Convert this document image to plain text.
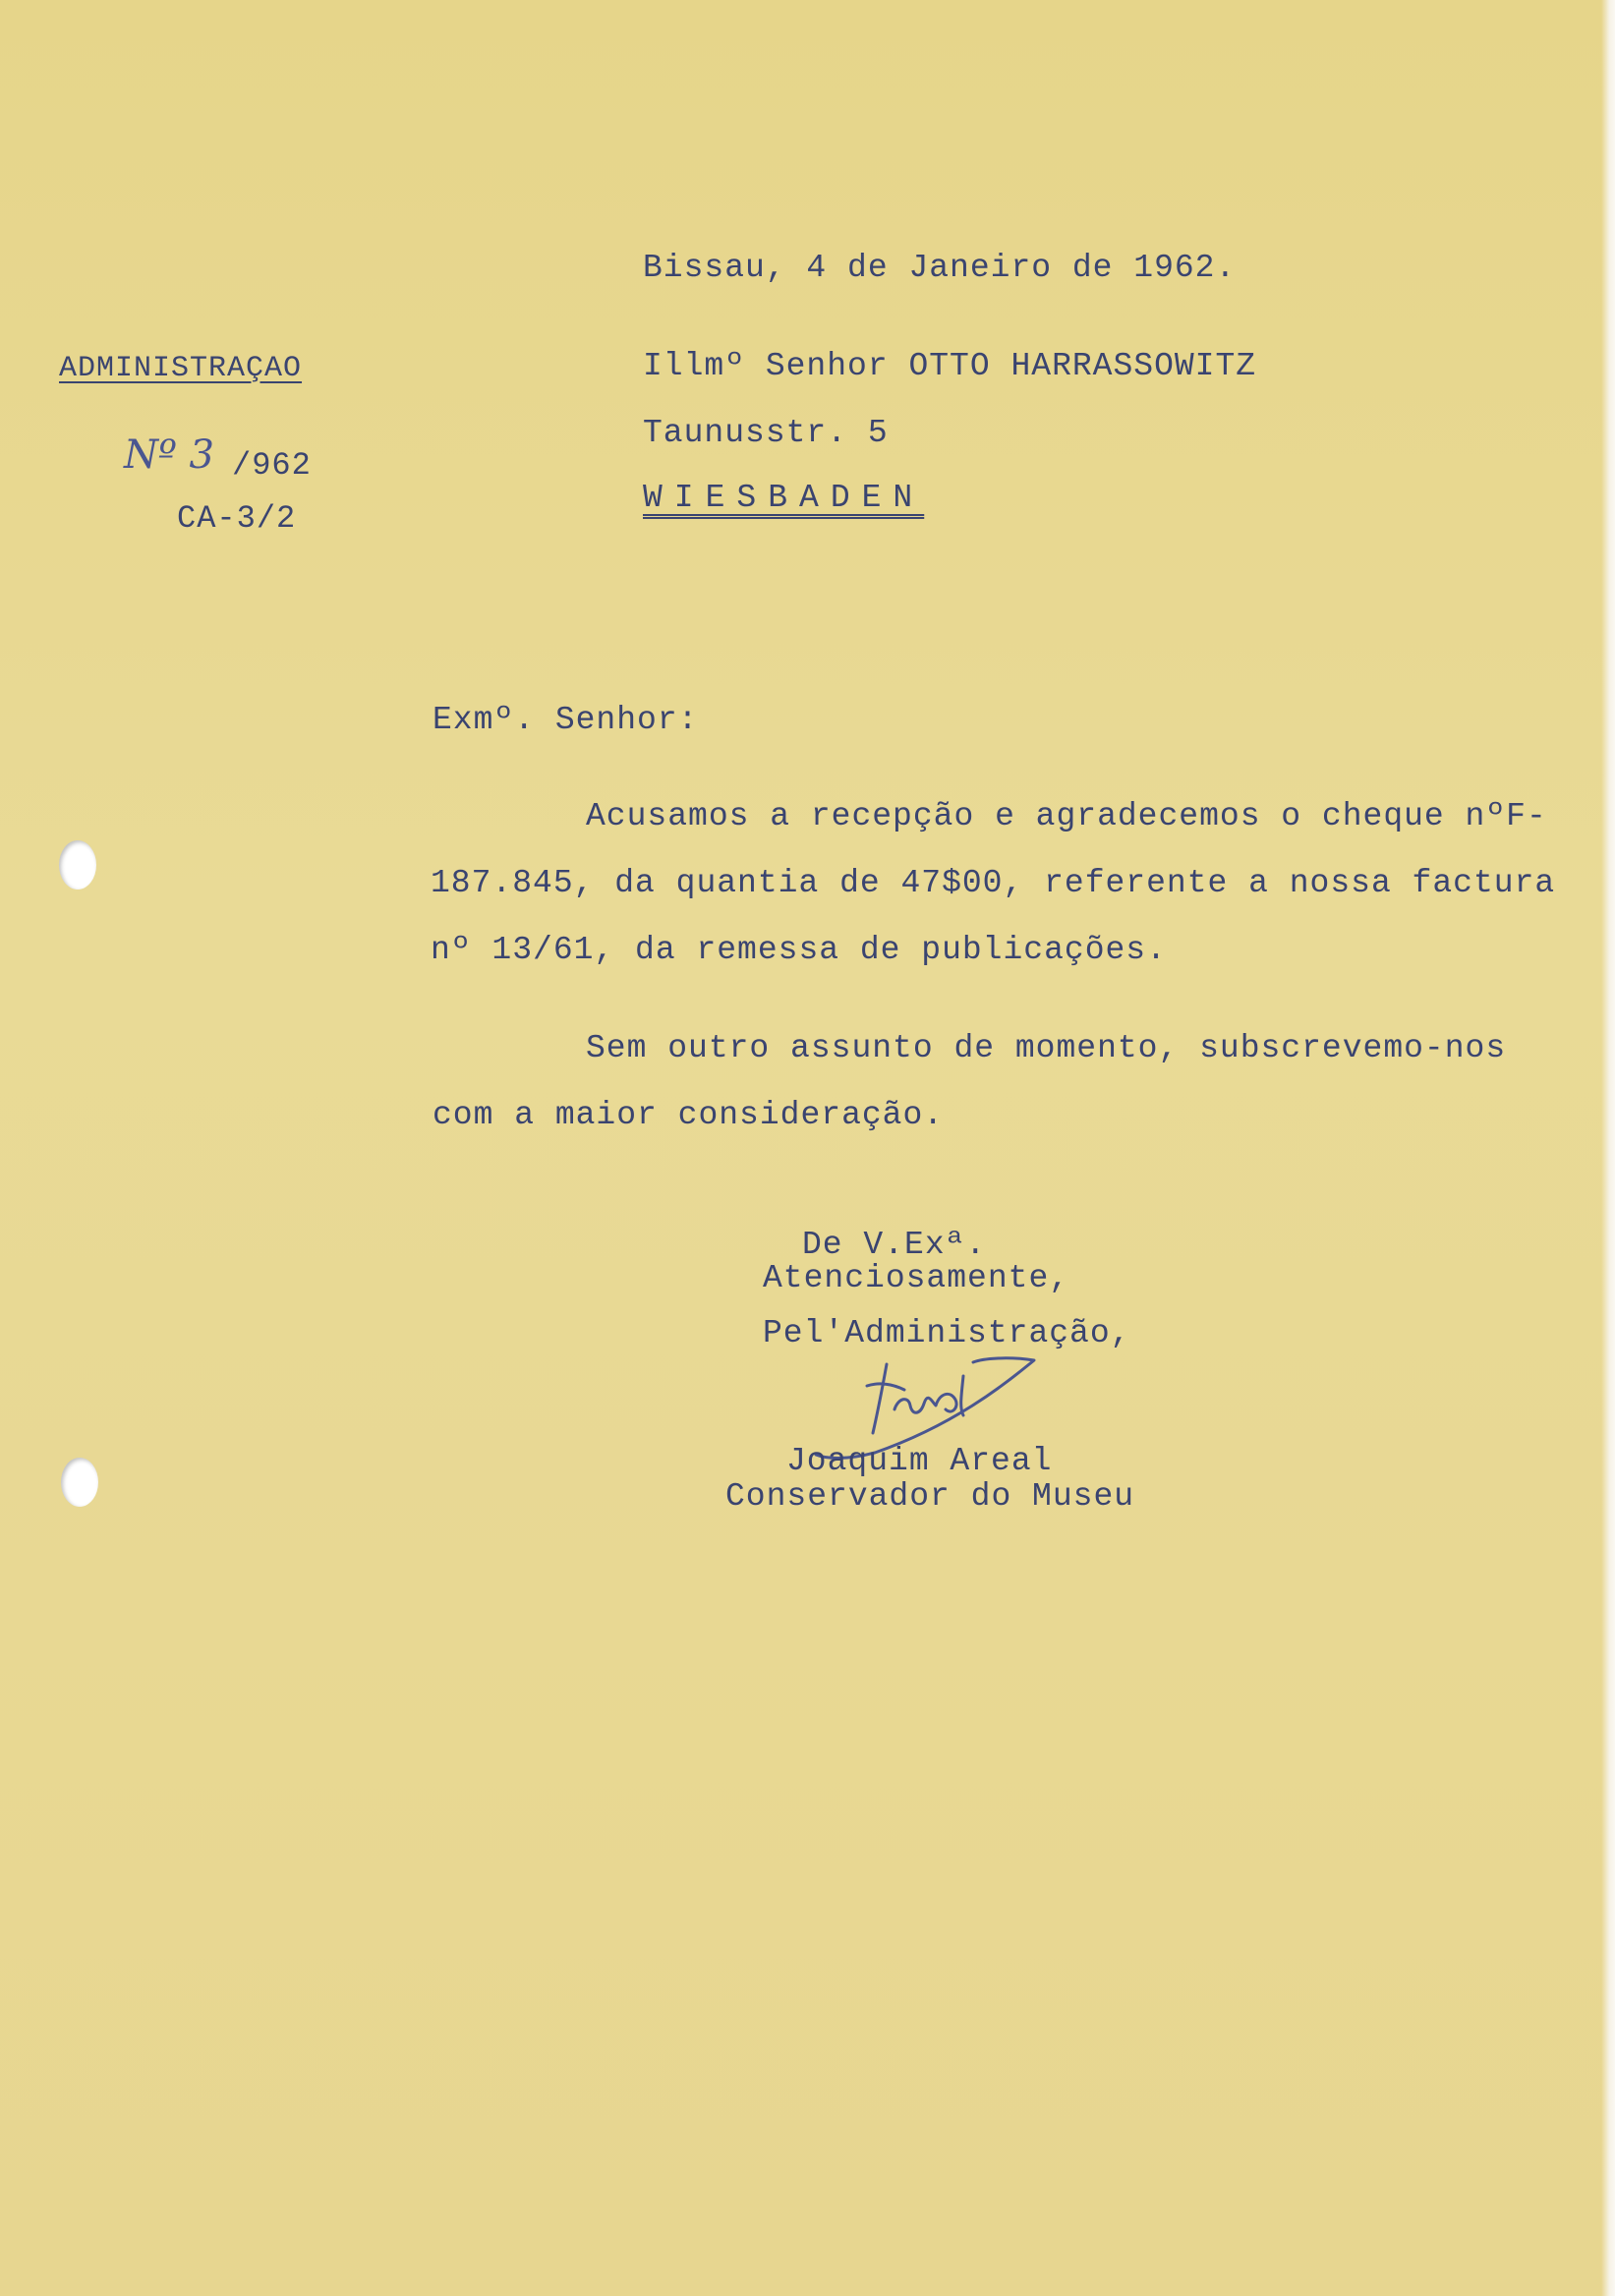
ADMINISTRAÇAO
Nº 3 /962
CA-3/2
Bissau, 4 de Janeiro de 1962.
Illmº Senhor OTTO HARRASSOWITZ
Taunusstr. 5
WIESBADEN
Exmº. Senhor:
Acusamos a recepção e agradecemos o cheque nºF-
187.845, da quantia de 47$00, referente a nossa factura
nº 13/61, da remessa de publicações.
Sem outro assunto de momento, subscrevemo-nos
com a maior consideração.
De V.Exª.
Atenciosamente,
Pel'Administração,
Joaquim Areal
Conservador do Museu
